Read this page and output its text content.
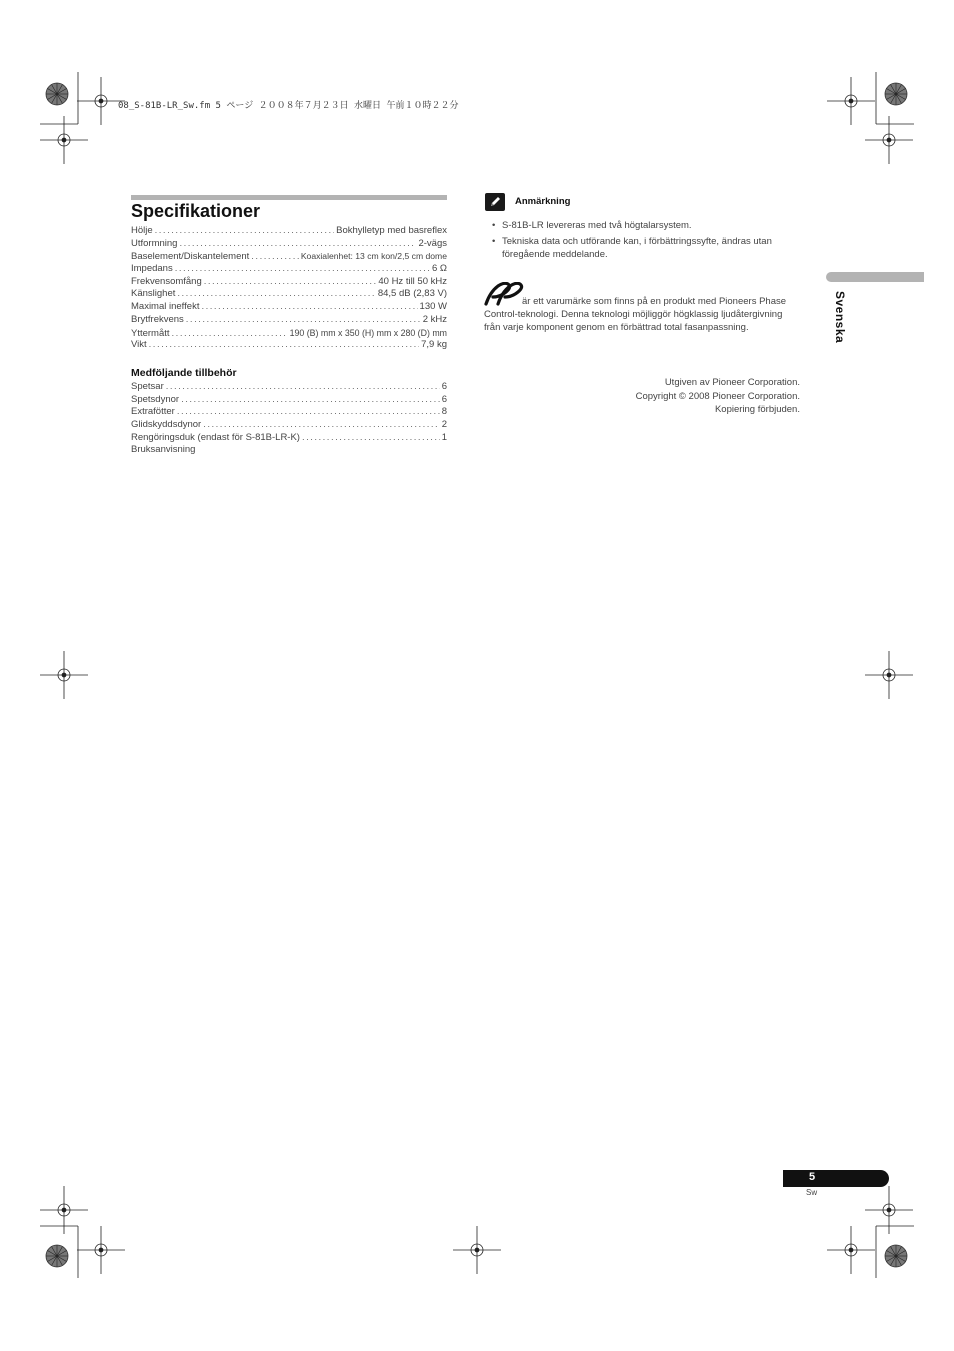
08_S-81B-LR_Sw.fm 5 ページ ２００８年７月２３日 水曜日 午前１０時２２分
Specifikationer
Hölje .....	Bokhylletyp med basreflex
Utformning .....	2-vägs
Baselement/Diskantelement .....	Koaxialenhet: 13 cm kon/2,5 cm dome
Impedans .....	6 Ω
Frekvensomfång .....	40 Hz till 50 kHz
Känslighet .....	84,5 dB (2,83 V)
Maximal ineffekt .....	130 W
Brytfrekvens .....	2 kHz
Yttermått .....	190 (B) mm x 350 (H) mm x 280 (D) mm
Vikt .....	7,9 kg
Medföljande tillbehör
Spetsar .....	6
Spetsdynor .....	6
Extrafötter .....	8
Glidskyddsdynor .....	2
Rengöringsduk (endast för S-81B-LR-K) .....	1
Bruksanvisning
Anmärkning
• S-81B-LR levereras med två högtalarsystem.
• Tekniska data och utförande kan, i förbättringssyfte, ändras utan föregående meddelande.
är ett varumärke som finns på en produkt med Pioneers Phase Control-teknologi. Denna teknologi möjliggör högklassig ljudåtergivning från varje komponent genom en förbättrad total fasanpassning.
Utgiven av Pioneer Corporation.
Copyright © 2008 Pioneer Corporation.
Kopiering förbjuden.
Svenska
5
Sw
